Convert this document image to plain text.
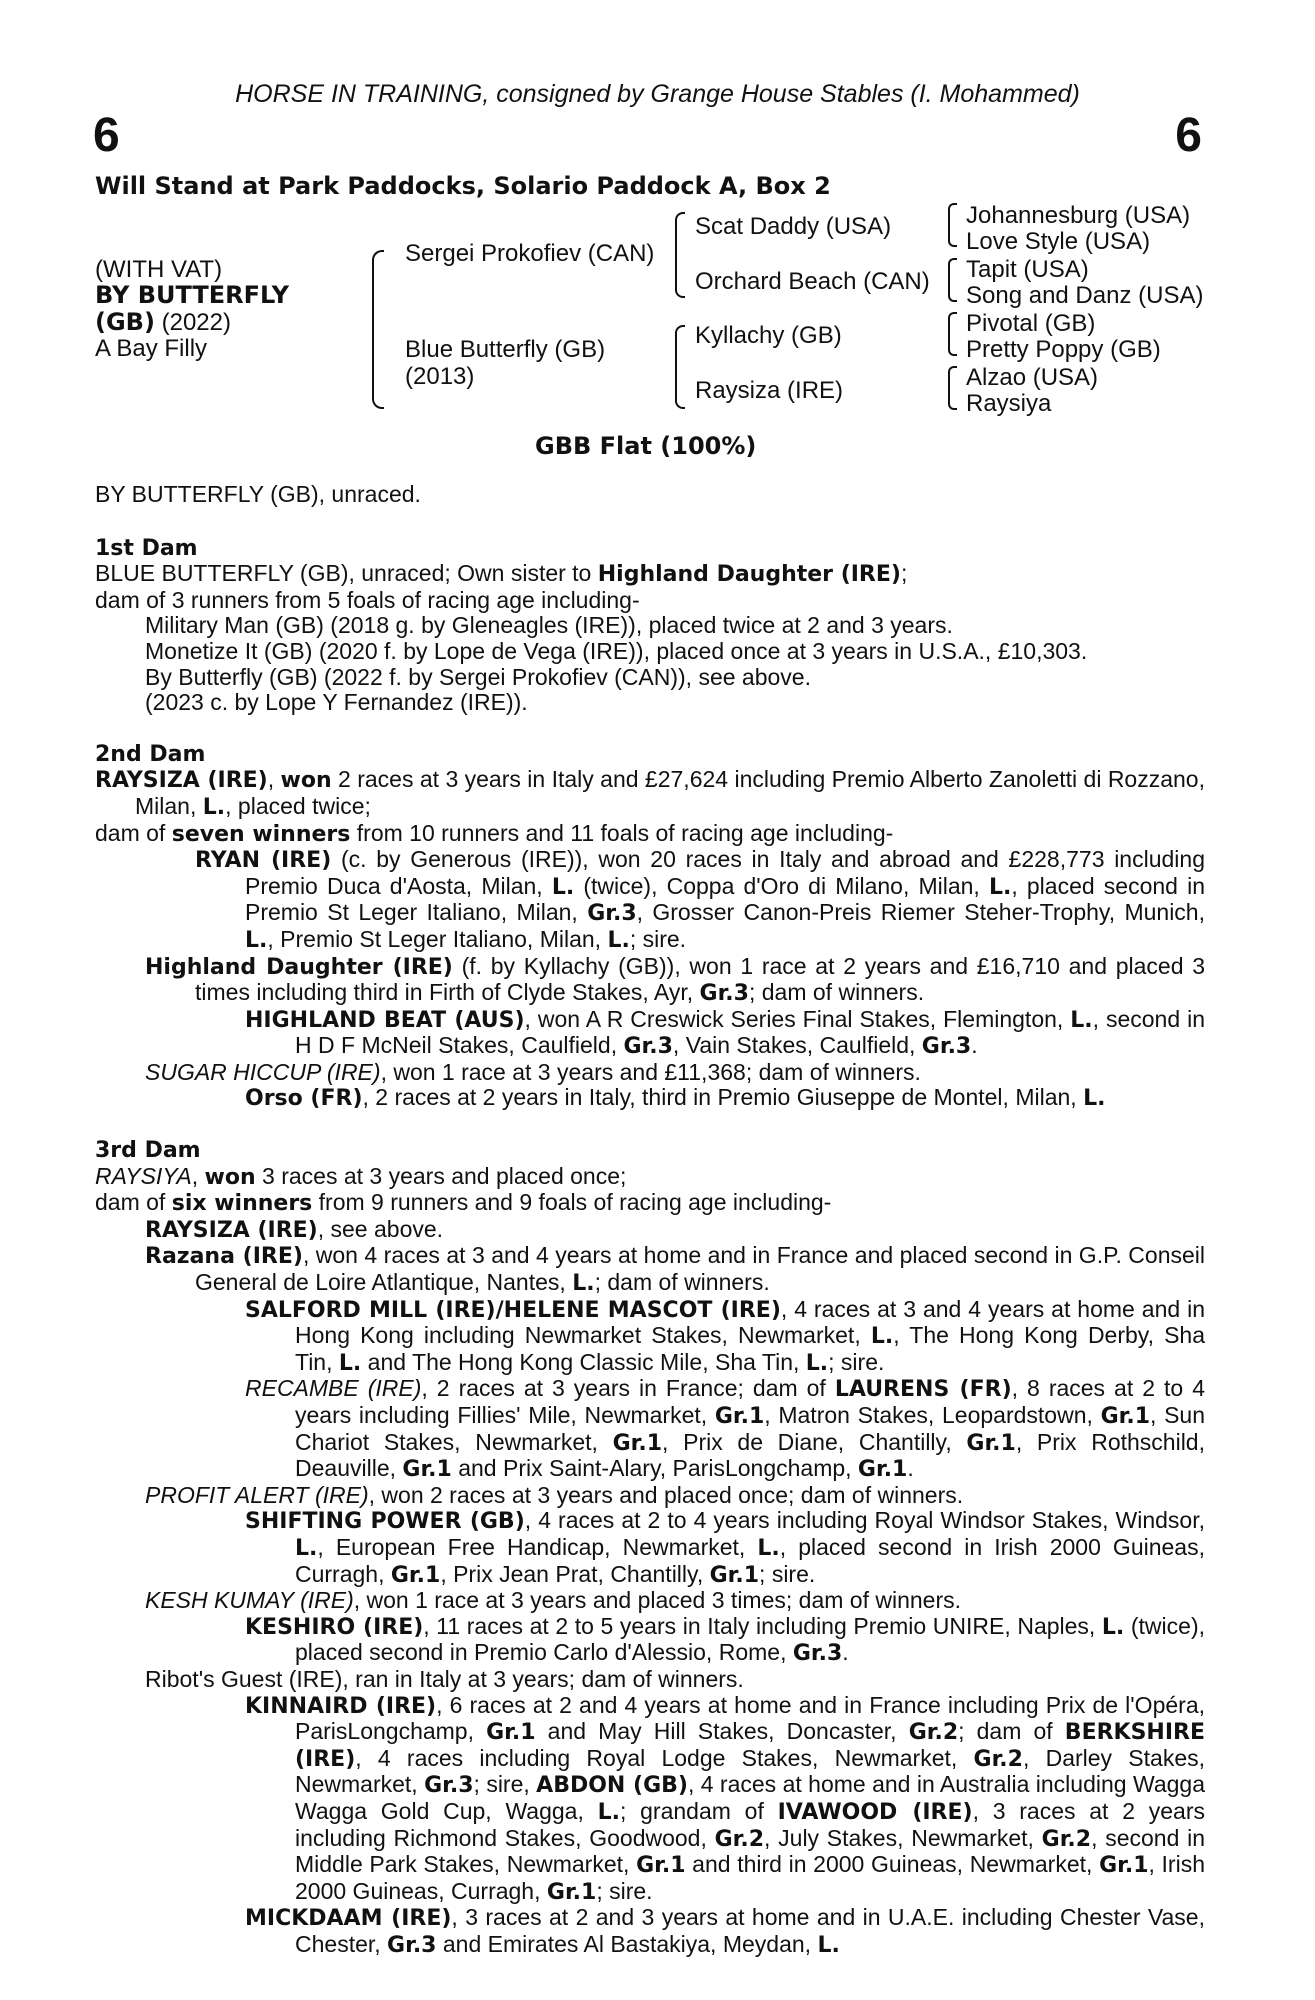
HORSE IN TRAINING, consigned by Grange House Stables (I. Mohammed)
6	6
Will Stand at Park Paddocks, Solario Paddock A, Box 2
(WITH VAT)
BY BUTTERFLY
(GB) (2022)
A Bay Filly
Sergei Prokofiev (CAN)
Blue Butterfly (GB)
(2013)
Scat Daddy (USA)
Orchard Beach (CAN)
Kyllachy (GB)
Raysiza (IRE)
Johannesburg (USA)
Love Style (USA)
Tapit (USA)
Song and Danz (USA)
Pivotal (GB)
Pretty Poppy (GB)
Alzao (USA)
Raysiya
GBB Flat (100%)

BY BUTTERFLY (GB), unraced.

1st Dam

BLUE BUTTERFLY (GB), unraced; Own sister to Highland Daughter (IRE);

dam of 3 runners from 5 foals of racing age including-

Military Man (GB) (2018 g. by Gleneagles (IRE)), placed twice at 2 and 3 years.

Monetize It (GB) (2020 f. by Lope de Vega (IRE)), placed once at 3 years in U.S.A., £10,303.

By Butterfly (GB) (2022 f. by Sergei Prokofiev (CAN)), see above.

(2023 c. by Lope Y Fernandez (IRE)).

2nd Dam

RAYSIZA (IRE), won 2 races at 3 years in Italy and £27,624 including Premio Alberto Zanoletti di Rozzano, Milan, L., placed twice;

dam of seven winners from 10 runners and 11 foals of racing age including-

RYAN (IRE) (c. by Generous (IRE)), won 20 races in Italy and abroad and £228,773 including Premio Duca d'Aosta, Milan, L. (twice), Coppa d'Oro di Milano, Milan, L., placed second in Premio St Leger Italiano, Milan, Gr.3, Grosser Canon-Preis Riemer Steher-Trophy, Munich, L., Premio St Leger Italiano, Milan, L.; sire.

Highland Daughter (IRE) (f. by Kyllachy (GB)), won 1 race at 2 years and £16,710 and placed 3 times including third in Firth of Clyde Stakes, Ayr, Gr.3; dam of winners.

HIGHLAND BEAT (AUS), won A R Creswick Series Final Stakes, Flemington, L., second in H D F McNeil Stakes, Caulfield, Gr.3, Vain Stakes, Caulfield, Gr.3.

SUGAR HICCUP (IRE), won 1 race at 3 years and £11,368; dam of winners.

Orso (FR), 2 races at 2 years in Italy, third in Premio Giuseppe de Montel, Milan, L.

3rd Dam

RAYSIYA, won 3 races at 3 years and placed once;

dam of six winners from 9 runners and 9 foals of racing age including-

RAYSIZA (IRE), see above.

Razana (IRE), won 4 races at 3 and 4 years at home and in France and placed second in G.P. Conseil General de Loire Atlantique, Nantes, L.; dam of winners.

SALFORD MILL (IRE)/HELENE MASCOT (IRE), 4 races at 3 and 4 years at home and in Hong Kong including Newmarket Stakes, Newmarket, L., The Hong Kong Derby, Sha Tin, L. and The Hong Kong Classic Mile, Sha Tin, L.; sire.

RECAMBE (IRE), 2 races at 3 years in France; dam of LAURENS (FR), 8 races at 2 to 4 years including Fillies' Mile, Newmarket, Gr.1, Matron Stakes, Leopardstown, Gr.1, Sun Chariot Stakes, Newmarket, Gr.1, Prix de Diane, Chantilly, Gr.1, Prix Rothschild, Deauville, Gr.1 and Prix Saint-Alary, ParisLongchamp, Gr.1.

PROFIT ALERT (IRE), won 2 races at 3 years and placed once; dam of winners.

SHIFTING POWER (GB), 4 races at 2 to 4 years including Royal Windsor Stakes, Windsor, L., European Free Handicap, Newmarket, L., placed second in Irish 2000 Guineas, Curragh, Gr.1, Prix Jean Prat, Chantilly, Gr.1; sire.

KESH KUMAY (IRE), won 1 race at 3 years and placed 3 times; dam of winners.

KESHIRO (IRE), 11 races at 2 to 5 years in Italy including Premio UNIRE, Naples, L. (twice), placed second in Premio Carlo d'Alessio, Rome, Gr.3.

Ribot's Guest (IRE), ran in Italy at 3 years; dam of winners.

KINNAIRD (IRE), 6 races at 2 and 4 years at home and in France including Prix de l'Opéra, ParisLongchamp, Gr.1 and May Hill Stakes, Doncaster, Gr.2; dam of BERKSHIRE (IRE), 4 races including Royal Lodge Stakes, Newmarket, Gr.2, Darley Stakes, Newmarket, Gr.3; sire, ABDON (GB), 4 races at home and in Australia including Wagga Wagga Gold Cup, Wagga, L.; grandam of IVAWOOD (IRE), 3 races at 2 years including Richmond Stakes, Goodwood, Gr.2, July Stakes, Newmarket, Gr.2, second in Middle Park Stakes, Newmarket, Gr.1 and third in 2000 Guineas, Newmarket, Gr.1, Irish 2000 Guineas, Curragh, Gr.1; sire.

MICKDAAM (IRE), 3 races at 2 and 3 years at home and in U.A.E. including Chester Vase, Chester, Gr.3 and Emirates Al Bastakiya, Meydan, L.
